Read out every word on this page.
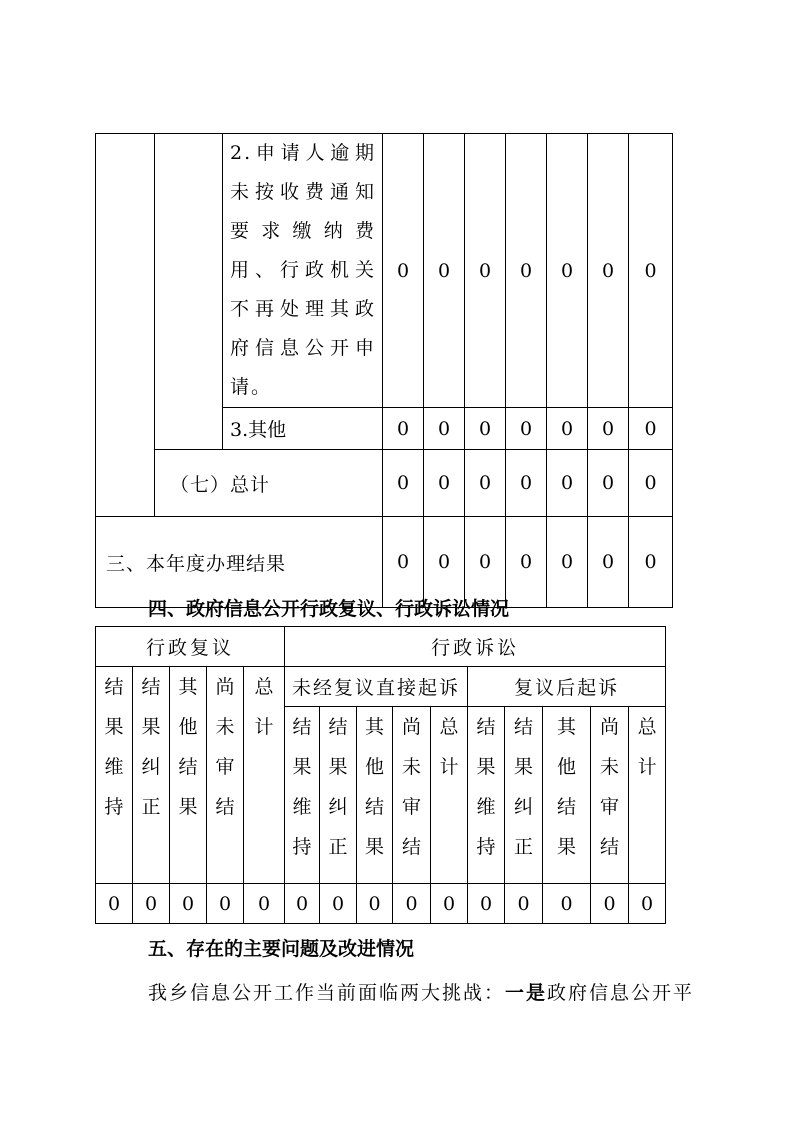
		2.申请人逾期未按收费通知要求缴纳费用、行政机关不再处理其政府信息公开申请。	0	0	0	0	0	0	0
		3.其他	0	0	0	0	0	0	0
	（七）总计		0	0	0	0	0	0	0
三、本年度办理结果			0	0	0	0	0	0	0
四、政府信息公开行政复议、行政诉讼情况
行政复议					行政诉讼									

结果维持	结果纠正	其他结果	尚未审结	总计	未经复议直接起诉					复议后起诉				

					结果维持	结果纠正	其他结果	尚未审结	总计	结果维持	结果纠正	其他结果	尚未审结	总计

0	0	0	0	0	0	0	0	0	0	0	0	0	0	0
五、存在的主要问题及改进情况
我乡信息公开工作当前面临两大挑战：一是政府信息公开平
